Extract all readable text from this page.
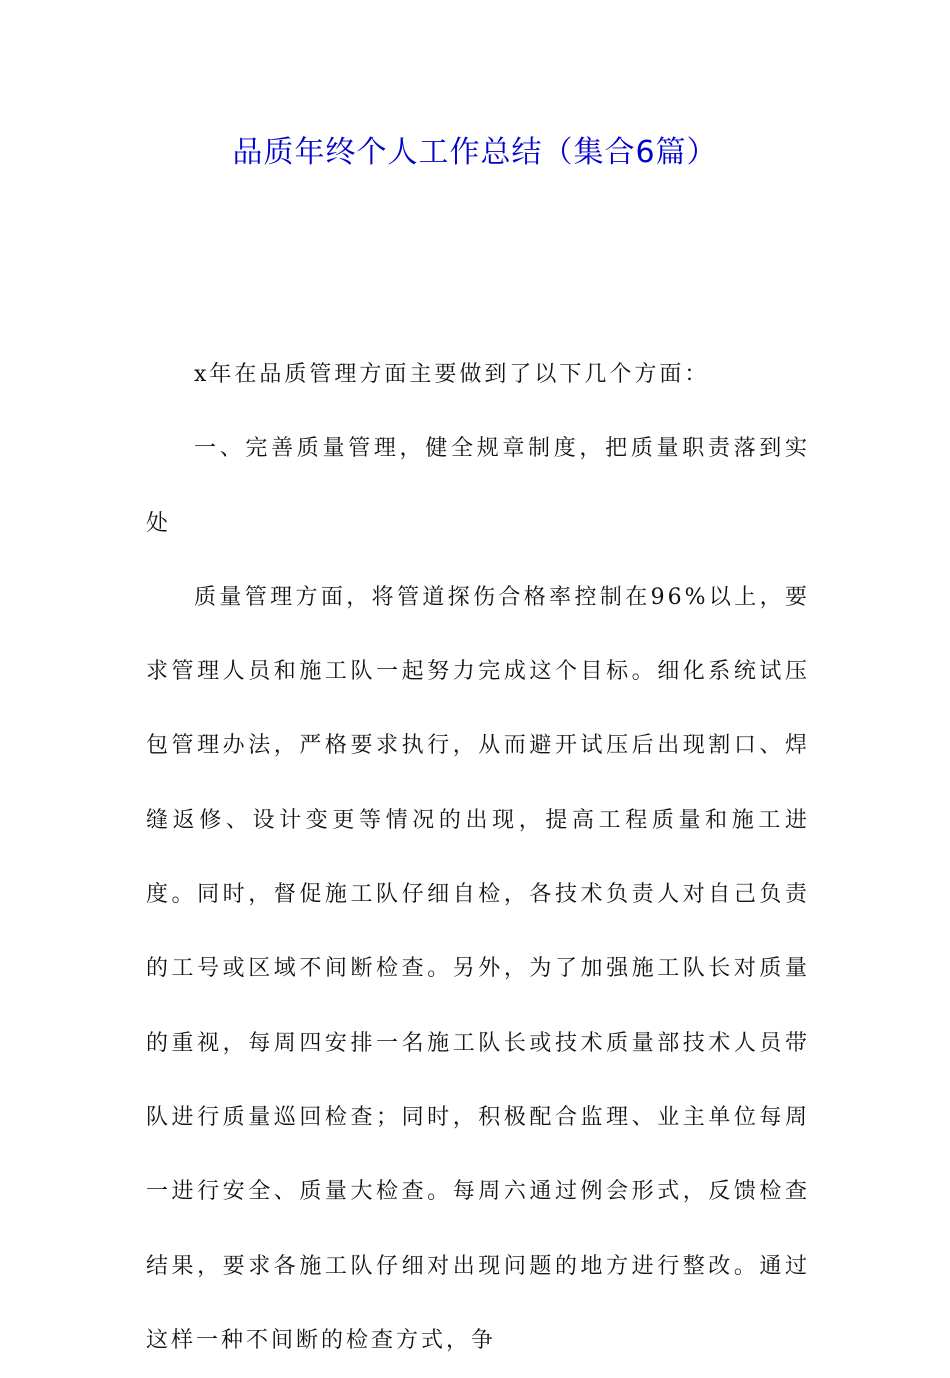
品质年终个人工作总结（集合6篇）

x年在品质管理方面主要做到了以下几个方面：

一、完善质量管理，健全规章制度，把质量职责落到实处

质量管理方面，将管道探伤合格率控制在96%以上，要求管理人员和施工队一起努力完成这个目标。细化系统试压包管理办法，严格要求执行，从而避开试压后出现割口、焊缝返修、设计变更等情况的出现，提高工程质量和施工进度。同时，督促施工队仔细自检，各技术负责人对自己负责的工号或区域不间断检查。另外，为了加强施工队长对质量的重视，每周四安排一名施工队长或技术质量部技术人员带队进行质量巡回检查；同时，积极配合监理、业主单位每周一进行安全、质量大检查。每周六通过例会形式，反馈检查结果，要求各施工队仔细对出现问题的地方进行整改。通过这样一种不间断的检查方式，争
